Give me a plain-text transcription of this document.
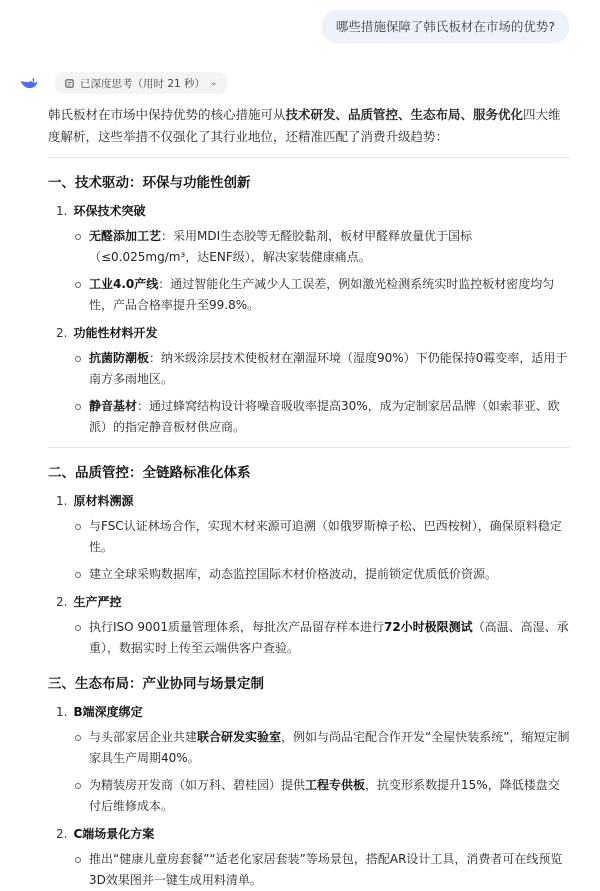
哪些措施保障了韩氏板材在市场的优势?
已深度思考（用时 21 秒） ⌄

韩氏板材在市场中保持优势的核心措施可从技术研发、品质管控、生态布局、服务优化四大维度解析，这些举措不仅强化了其行业地位，还精准匹配了消费升级趋势：

一、技术驱动：环保与功能性创新
1. 环保技术突破
无醛添加工艺：采用MDI生态胶等无醛胶黏剂，板材甲醛释放量优于国标（≤0.025mg/m³，达ENF级），解决家装健康痛点。
工业4.0产线：通过智能化生产减少人工误差，例如激光检测系统实时监控板材密度均匀性，产品合格率提升至99.8%。
2. 功能性材料开发
抗菌防潮板：纳米级涂层技术使板材在潮湿环境（湿度90%）下仍能保持0霉变率，适用于南方多雨地区。
静音基材：通过蜂窝结构设计将噪音吸收率提高30%，成为定制家居品牌（如索菲亚、欧派）的指定静音板材供应商。
二、品质管控：全链路标准化体系
1. 原材料溯源
与FSC认证林场合作，实现木材来源可追溯（如俄罗斯樟子松、巴西桉树），确保原料稳定性。
建立全球采购数据库，动态监控国际木材价格波动，提前锁定优质低价资源。
2. 生产严控
执行ISO 9001质量管理体系，每批次产品留存样本进行72小时极限测试（高温、高湿、承重），数据实时上传至云端供客户查验。
三、生态布局：产业协同与场景定制
1. B端深度绑定
与头部家居企业共建联合研发实验室，例如与尚品宅配合作开发“全屋快装系统”，缩短定制家具生产周期40%。
为精装房开发商（如万科、碧桂园）提供工程专供板，抗变形系数提升15%，降低楼盘交付后维修成本。
2. C端场景化方案
推出“健康儿童房套餐”“适老化家居套装”等场景包，搭配AR设计工具，消费者可在线预览3D效果图并一键生成用料清单。
